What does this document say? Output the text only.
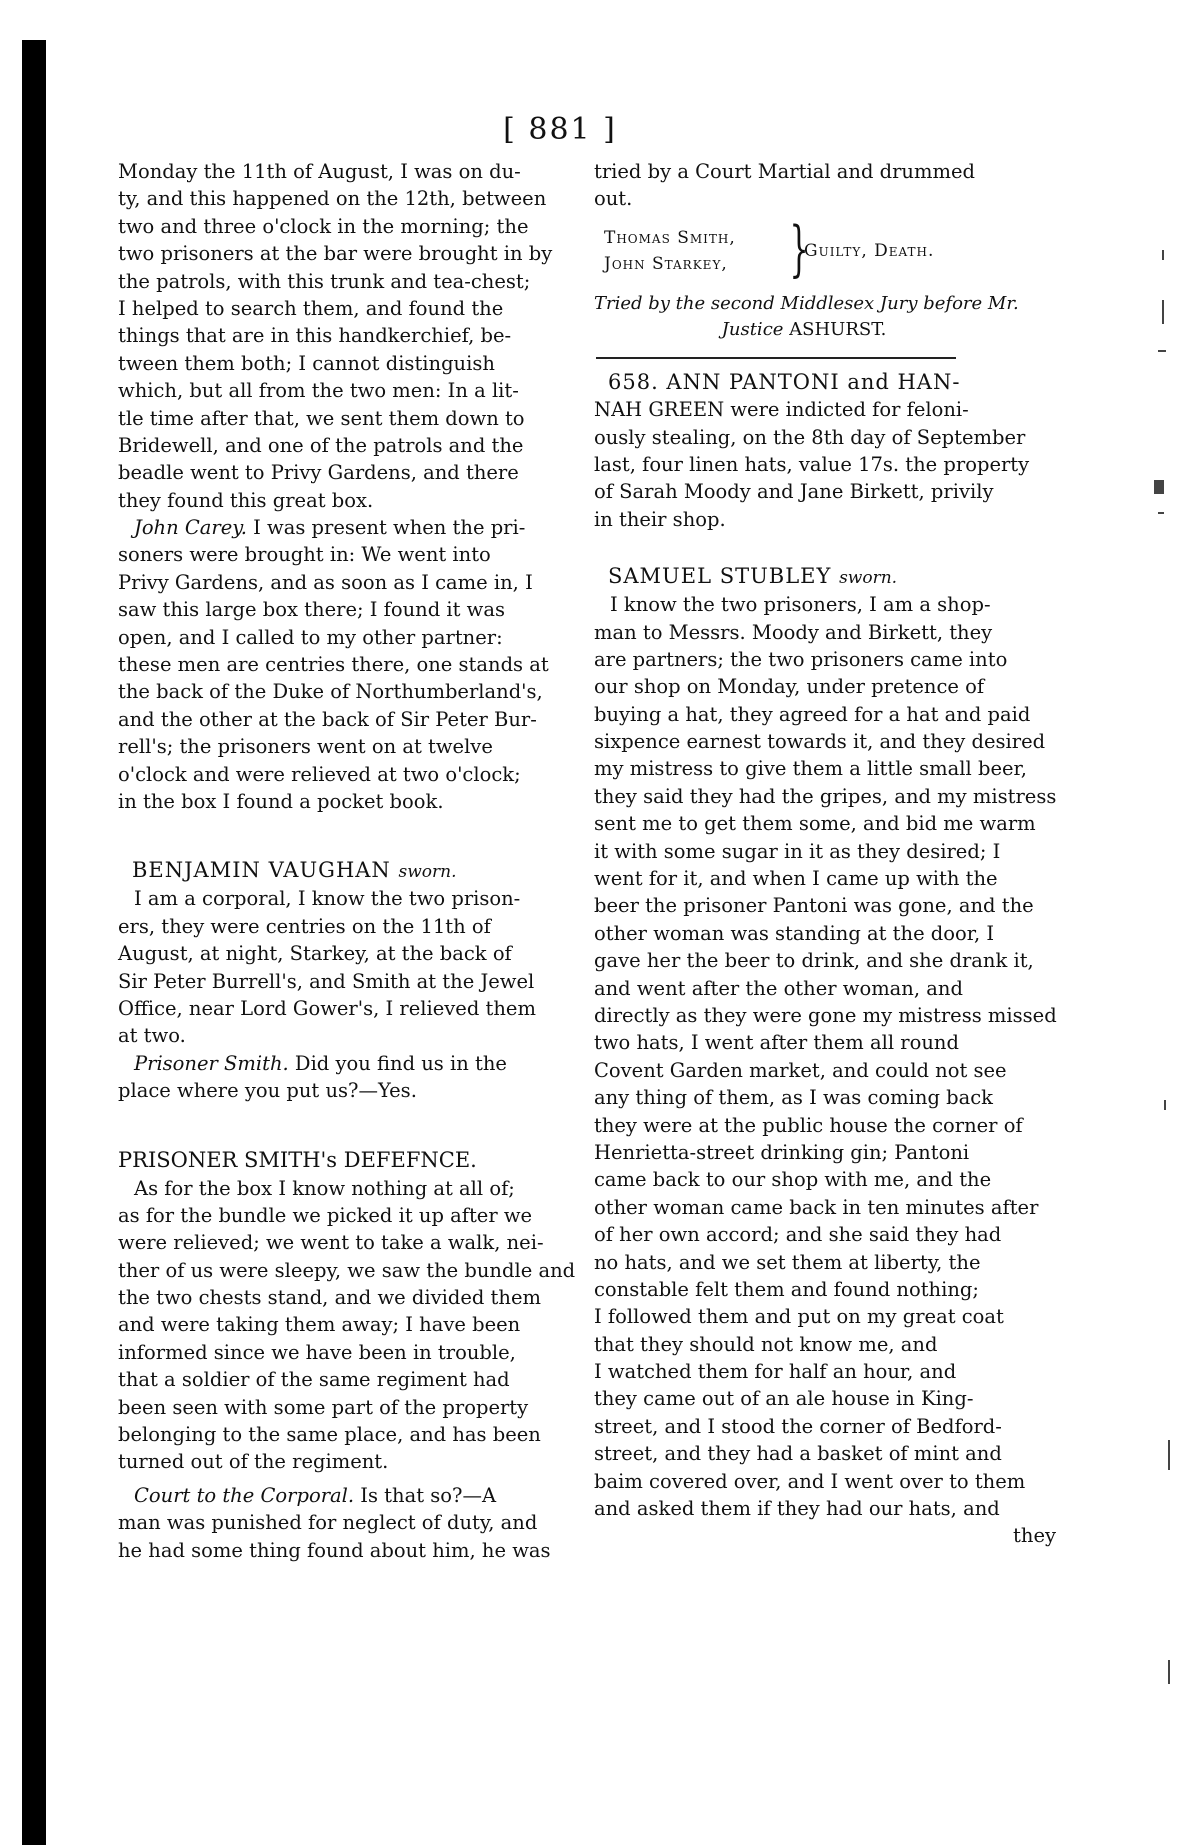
[ 881 ]
Monday the 11th of August, I was on du-
ty, and this happened on the 12th, between
two and three o'clock in the morning; the
two prisoners at the bar were brought in by
the patrols, with this trunk and tea-chest;
I helped to search them, and found the
things that are in this handkerchief, be-
tween them both; I cannot distinguish
which, but all from the two men: In a lit-
tle time after that, we sent them down to
Bridewell, and one of the patrols and the
beadle went to Privy Gardens, and there
they found this great box.
John Carey. I was present when the pri-
soners were brought in: We went into
Privy Gardens, and as soon as I came in, I
saw this large box there; I found it was
open, and I called to my other partner:
these men are centries there, one stands at
the back of the Duke of Northumberland's,
and the other at the back of Sir Peter Bur-
rell's; the prisoners went on at twelve
o'clock and were relieved at two o'clock;
in the box I found a pocket book.
BENJAMIN VAUGHAN sworn.
I am a corporal, I know the two prison-
ers, they were centries on the 11th of
August, at night, Starkey, at the back of
Sir Peter Burrell's, and Smith at the Jewel
Office, near Lord Gower's, I relieved them
at two.
Prisoner Smith. Did you find us in the
place where you put us?—Yes.
PRISONER SMITH's DEFEFNCE.
As for the box I know nothing at all of;
as for the bundle we picked it up after we
were relieved; we went to take a walk, nei-
ther of us were sleepy, we saw the bundle and
the two chests stand, and we divided them
and were taking them away; I have been
informed since we have been in trouble,
that a soldier of the same regiment had
been seen with some part of the property
belonging to the same place, and has been
turned out of the regiment.
Court to the Corporal. Is that so?—A
man was punished for neglect of duty, and
he had some thing found about him, he was
tried by a Court Martial and drummed
out.
Thomas Smith,
John Starkey, }
Guilty, Death.
Tried by the second Middlesex Jury before Mr.
Justice ASHURST.
658. ANN PANTONI and HAN-
NAH GREEN were indicted for feloni-
ously stealing, on the 8th day of September
last, four linen hats, value 17s. the property
of Sarah Moody and Jane Birkett, privily
in their shop.
SAMUEL STUBLEY sworn.
I know the two prisoners, I am a shop-
man to Messrs. Moody and Birkett, they
are partners; the two prisoners came into
our shop on Monday, under pretence of
buying a hat, they agreed for a hat and paid
sixpence earnest towards it, and they desired
my mistress to give them a little small beer,
they said they had the gripes, and my mistress
sent me to get them some, and bid me warm
it with some sugar in it as they desired; I
went for it, and when I came up with the
beer the prisoner Pantoni was gone, and the
other woman was standing at the door, I
gave her the beer to drink, and she drank it,
and went after the other woman, and
directly as they were gone my mistress missed
two hats, I went after them all round
Covent Garden market, and could not see
any thing of them, as I was coming back
they were at the public house the corner of
Henrietta-street drinking gin; Pantoni
came back to our shop with me, and the
other woman came back in ten minutes after
of her own accord; and she said they had
no hats, and we set them at liberty, the
constable felt them and found nothing;
I followed them and put on my great coat
that they should not know me, and
I watched them for half an hour, and
they came out of an ale house in King-
street, and I stood the corner of Bedford-
street, and they had a basket of mint and
baim covered over, and I went over to them
and asked them if they had our hats, and
they
